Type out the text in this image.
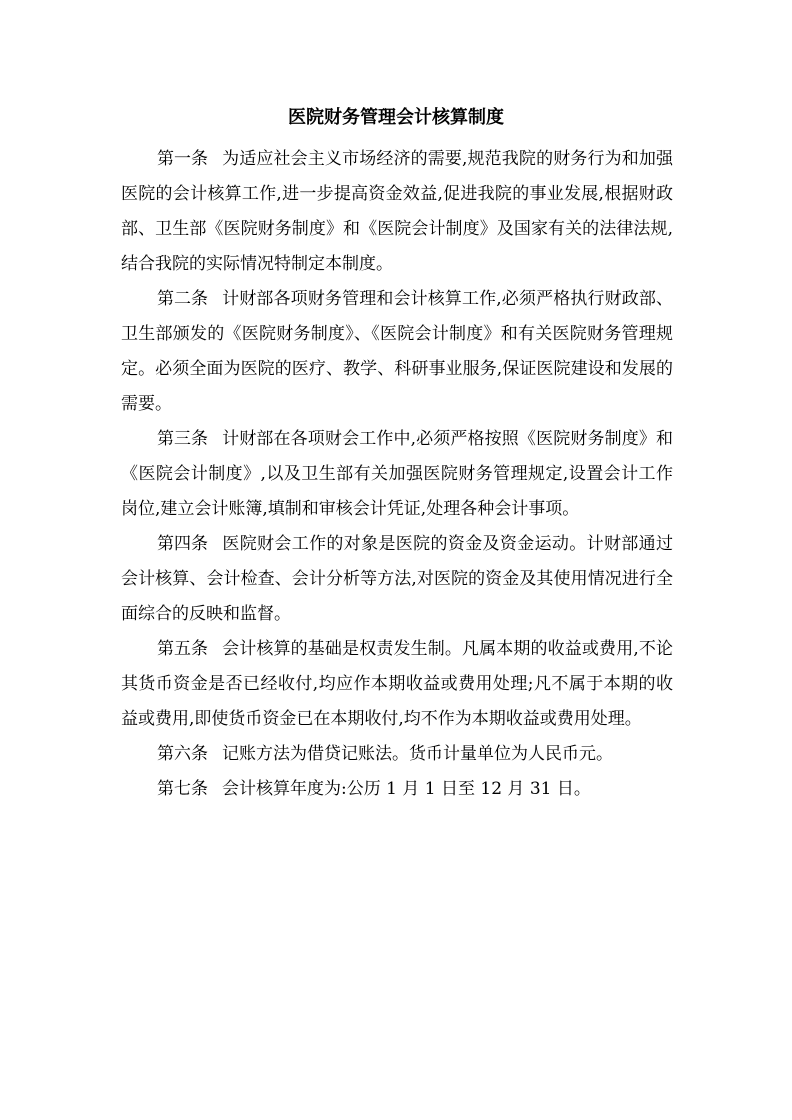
医院财务管理会计核算制度

第一条 为适应社会主义市场经济的需要,规范我院的财务行为和加强医院的会计核算工作,进一步提高资金效益,促进我院的事业发展,根据财政部、卫生部《医院财务制度》和《医院会计制度》及国家有关的法律法规,结合我院的实际情况特制定本制度。

第二条 计财部各项财务管理和会计核算工作,必须严格执行财政部、卫生部颁发的《医院财务制度》、《医院会计制度》和有关医院财务管理规定。必须全面为医院的医疗、教学、科研事业服务,保证医院建设和发展的需要。

第三条 计财部在各项财会工作中,必须严格按照《医院财务制度》和《医院会计制度》,以及卫生部有关加强医院财务管理规定,设置会计工作岗位,建立会计账簿,填制和审核会计凭证,处理各种会计事项。

第四条 医院财会工作的对象是医院的资金及资金运动。计财部通过会计核算、会计检查、会计分析等方法,对医院的资金及其使用情况进行全面综合的反映和监督。

第五条 会计核算的基础是权责发生制。凡属本期的收益或费用,不论其货币资金是否已经收付,均应作本期收益或费用处理;凡不属于本期的收益或费用,即使货币资金已在本期收付,均不作为本期收益或费用处理。

第六条 记账方法为借贷记账法。货币计量单位为人民币元。

第七条 会计核算年度为:公历 1 月 1 日至 12 月 31 日。
